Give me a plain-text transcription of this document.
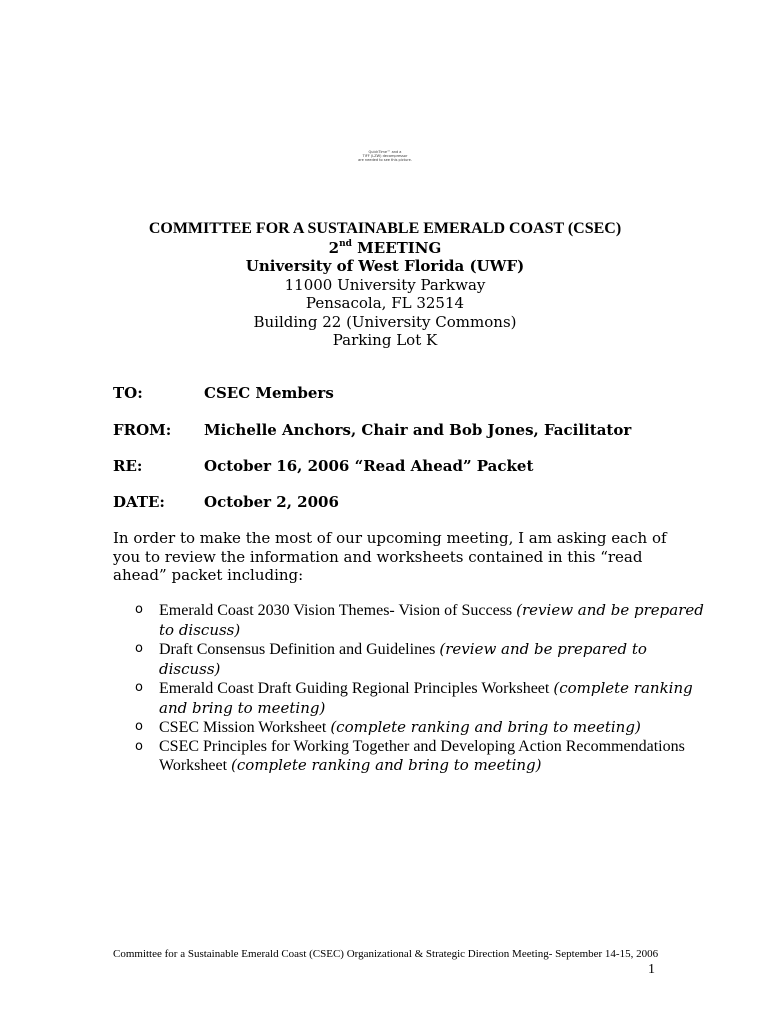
QuickTime™ and a
TIFF (LZW) decompressor
are needed to see this picture.
COMMITTEE FOR A SUSTAINABLE EMERALD COAST (CSEC)
2nd MEETING
University of West Florida (UWF)
11000 University Parkway
Pensacola, FL 32514
Building 22 (University Commons)
Parking Lot K
TO:	CSEC Members
FROM: Michelle Anchors, Chair and Bob Jones, Facilitator
RE:	October 16, 2006 “Read Ahead” Packet
DATE:	October 2, 2006
In order to make the most of our upcoming meeting, I am asking each of you to review the information and worksheets contained in this “read ahead” packet including:
o Emerald Coast 2030 Vision Themes- Vision of Success (review and be prepared to discuss)
o Draft Consensus Definition and Guidelines (review and be prepared to discuss)
o Emerald Coast Draft Guiding Regional Principles Worksheet (complete ranking and bring to meeting)
o CSEC Mission Worksheet (complete ranking and bring to meeting)
o CSEC Principles for Working Together and Developing Action Recommendations Worksheet (complete ranking and bring to meeting)
Committee for a Sustainable Emerald Coast (CSEC) Organizational & Strategic Direction Meeting- September 14-15, 2006
1
